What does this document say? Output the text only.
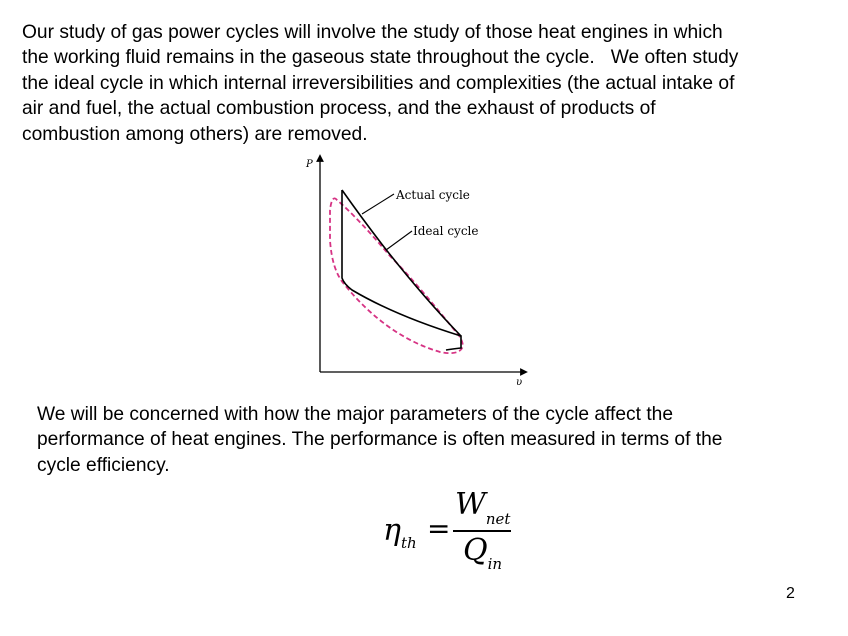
Our study of gas power cycles will involve the study of those heat engines in which
the working fluid remains in the gaseous state throughout the cycle.   We often study
the ideal cycle in which internal irreversibilities and complexities (the actual intake of
air and fuel, the actual combustion process, and the exhaust of products of
combustion among others) are removed.
P
υ
Actual cycle
Ideal cycle
We will be concerned with how the major parameters of the cycle affect the
performance of heat engines. The performance is often measured in terms of the
cycle efficiency.
$\eta_{th}$ =
$W_{net}$
$Q_{in}$
2
